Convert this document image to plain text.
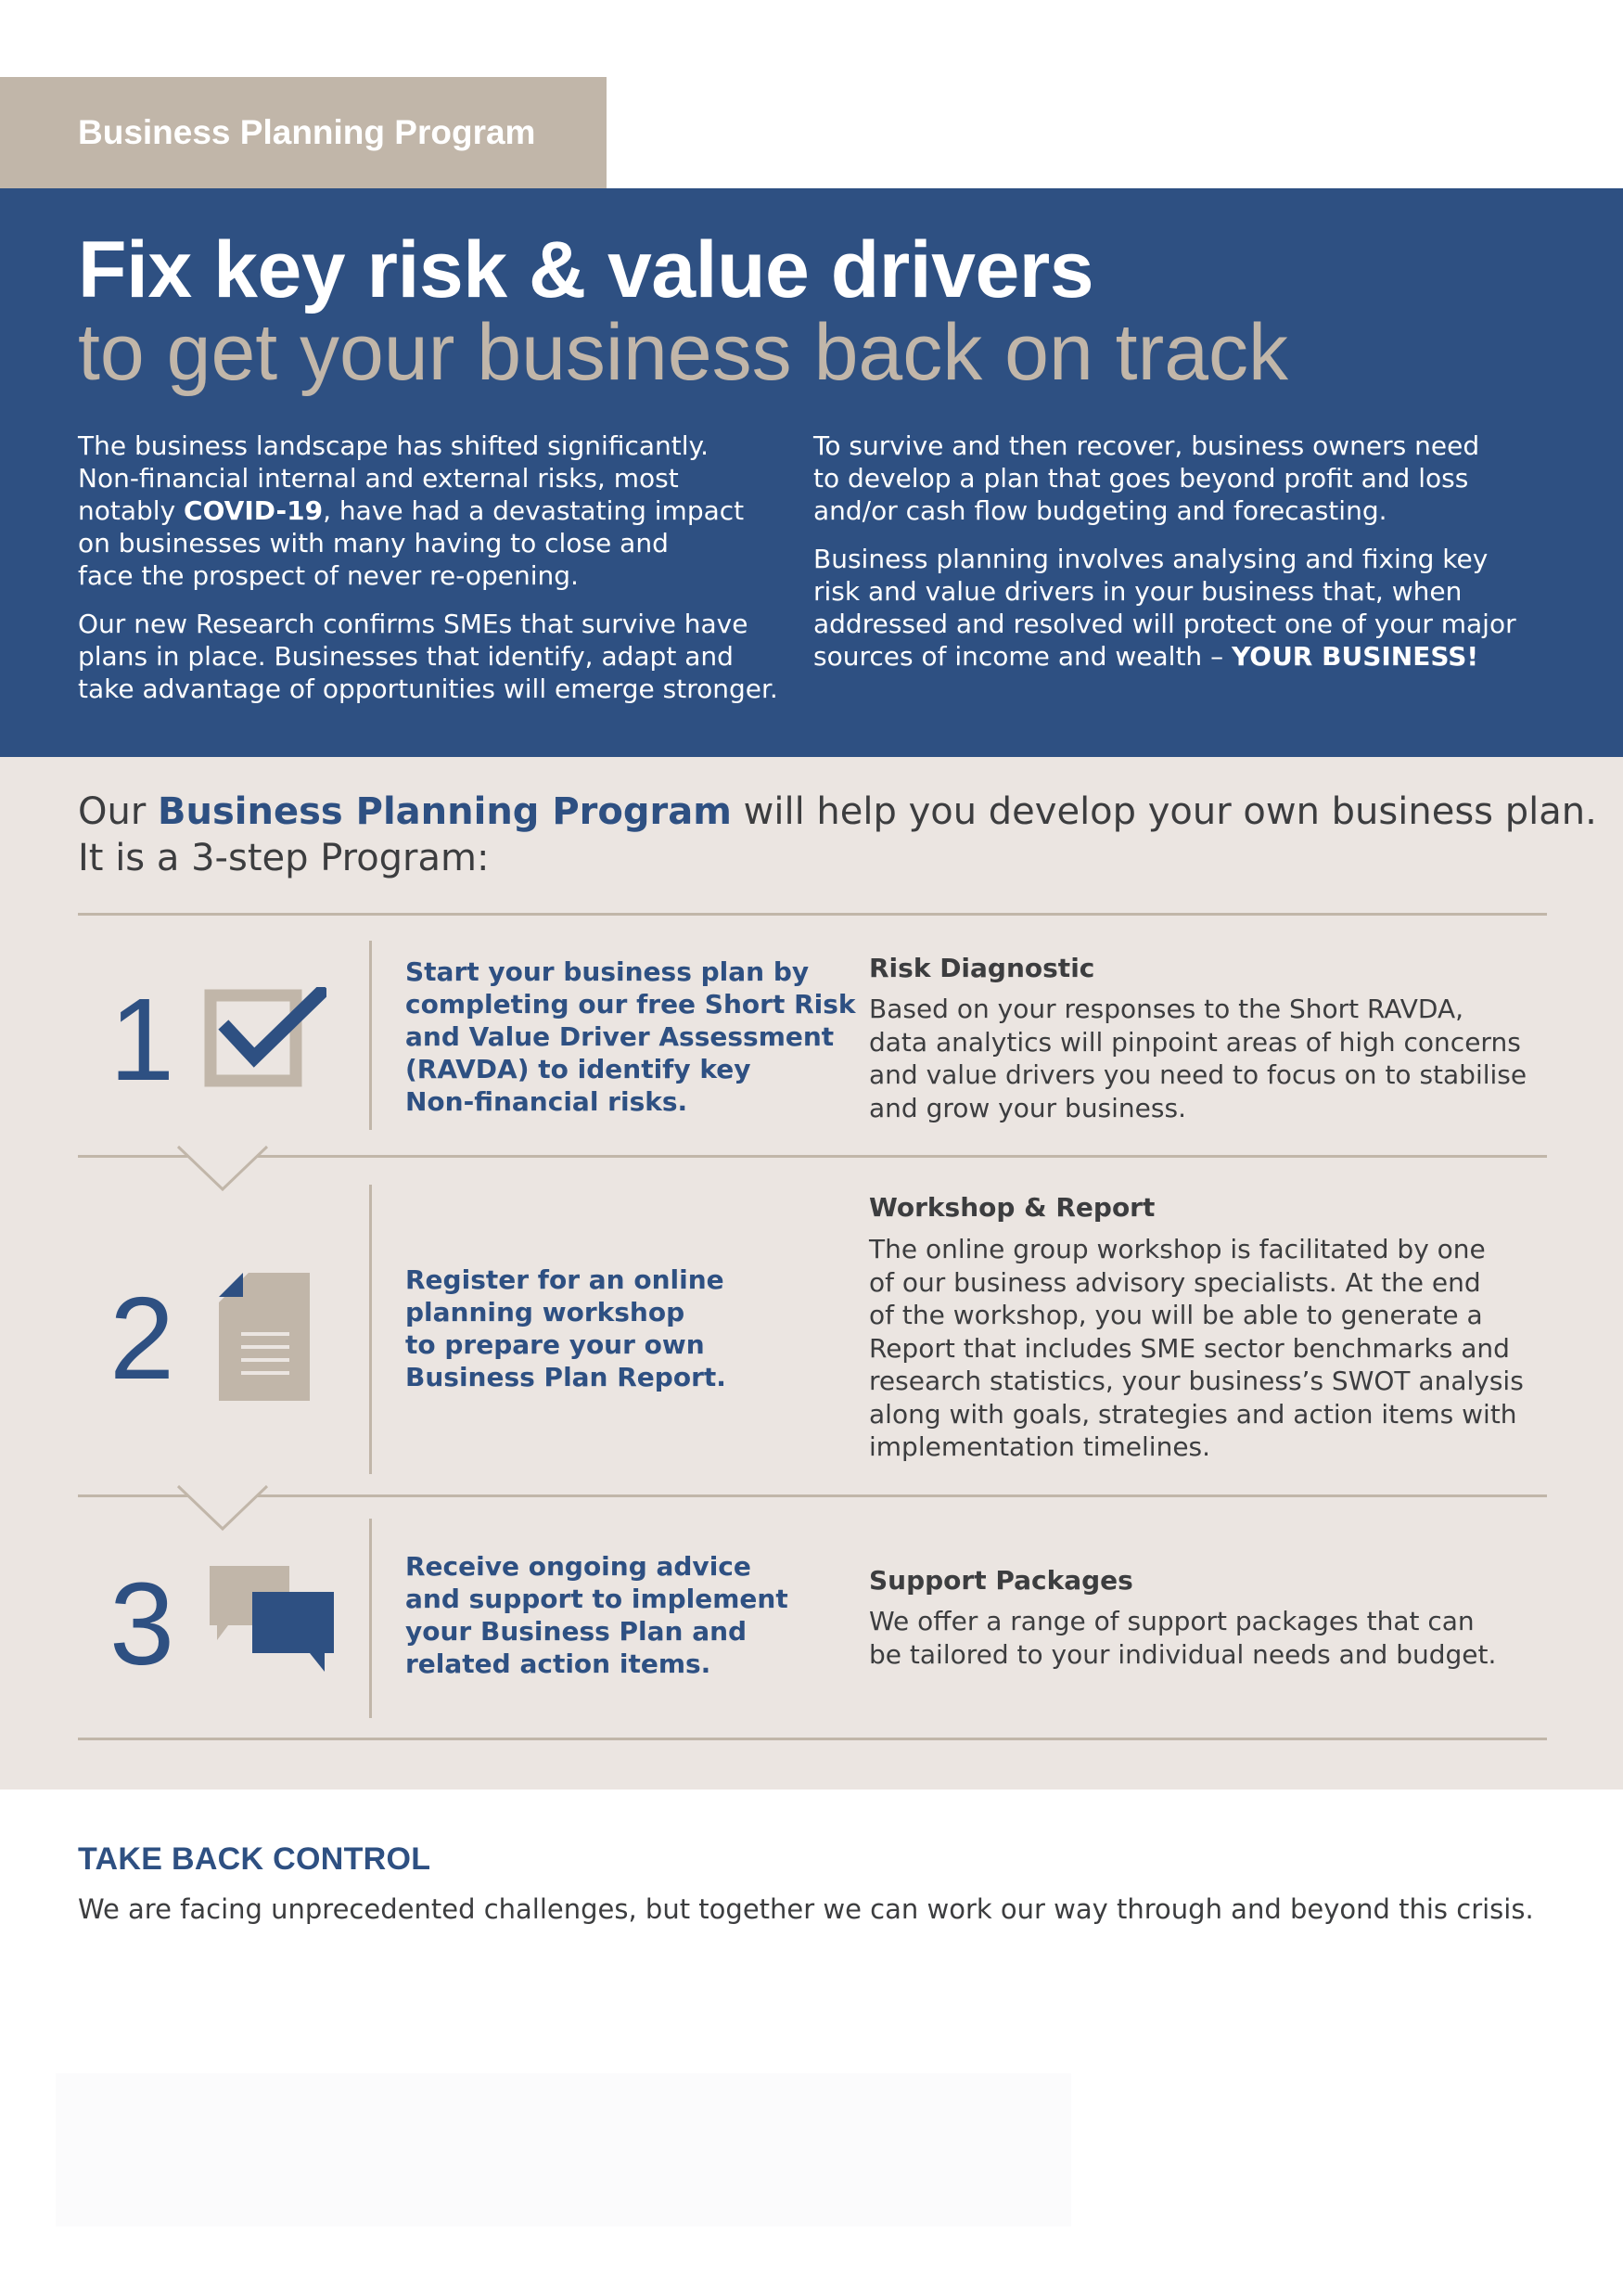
Business Planning Program
Fix key risk & value drivers
to get your business back on track

The business landscape has shifted significantly.
Non-financial internal and external risks, most
notably COVID-19, have had a devastating impact
on businesses with many having to close and
face the prospect of never re-opening.

Our new Research confirms SMEs that survive have
plans in place. Businesses that identify, adapt and
take advantage of opportunities will emerge stronger.

To survive and then recover, business owners need
to develop a plan that goes beyond profit and loss
and/or cash flow budgeting and forecasting.

Business planning involves analysing and fixing key
risk and value drivers in your business that, when
addressed and resolved will protect one of your major
sources of income and wealth – YOUR BUSINESS!

Our Business Planning Program will help you develop your own business plan.
It is a 3-step Program:
1
Start your business plan by
completing our free Short Risk
and Value Driver Assessment
(RAVDA) to identify key
Non-financial risks.
Risk Diagnostic
Based on your responses to the Short RAVDA,
data analytics will pinpoint areas of high concerns
and value drivers you need to focus on to stabilise
and grow your business.
2	Register for an online
planning workshop
to prepare your own
Business Plan Report.
Workshop & Report
The online group workshop is facilitated by one
of our business advisory specialists. At the end
of the workshop, you will be able to generate a
Report that includes SME sector benchmarks and
research statistics, your business’s SWOT analysis
along with goals, strategies and action items with
implementation timelines.
3	Receive ongoing advice
and support to implement
your Business Plan and
related action items.
Support Packages
We offer a range of support packages that can
be tailored to your individual needs and budget.
TAKE BACK CONTROL
We are facing unprecedented challenges, but together we can work our way through and beyond this crisis.
